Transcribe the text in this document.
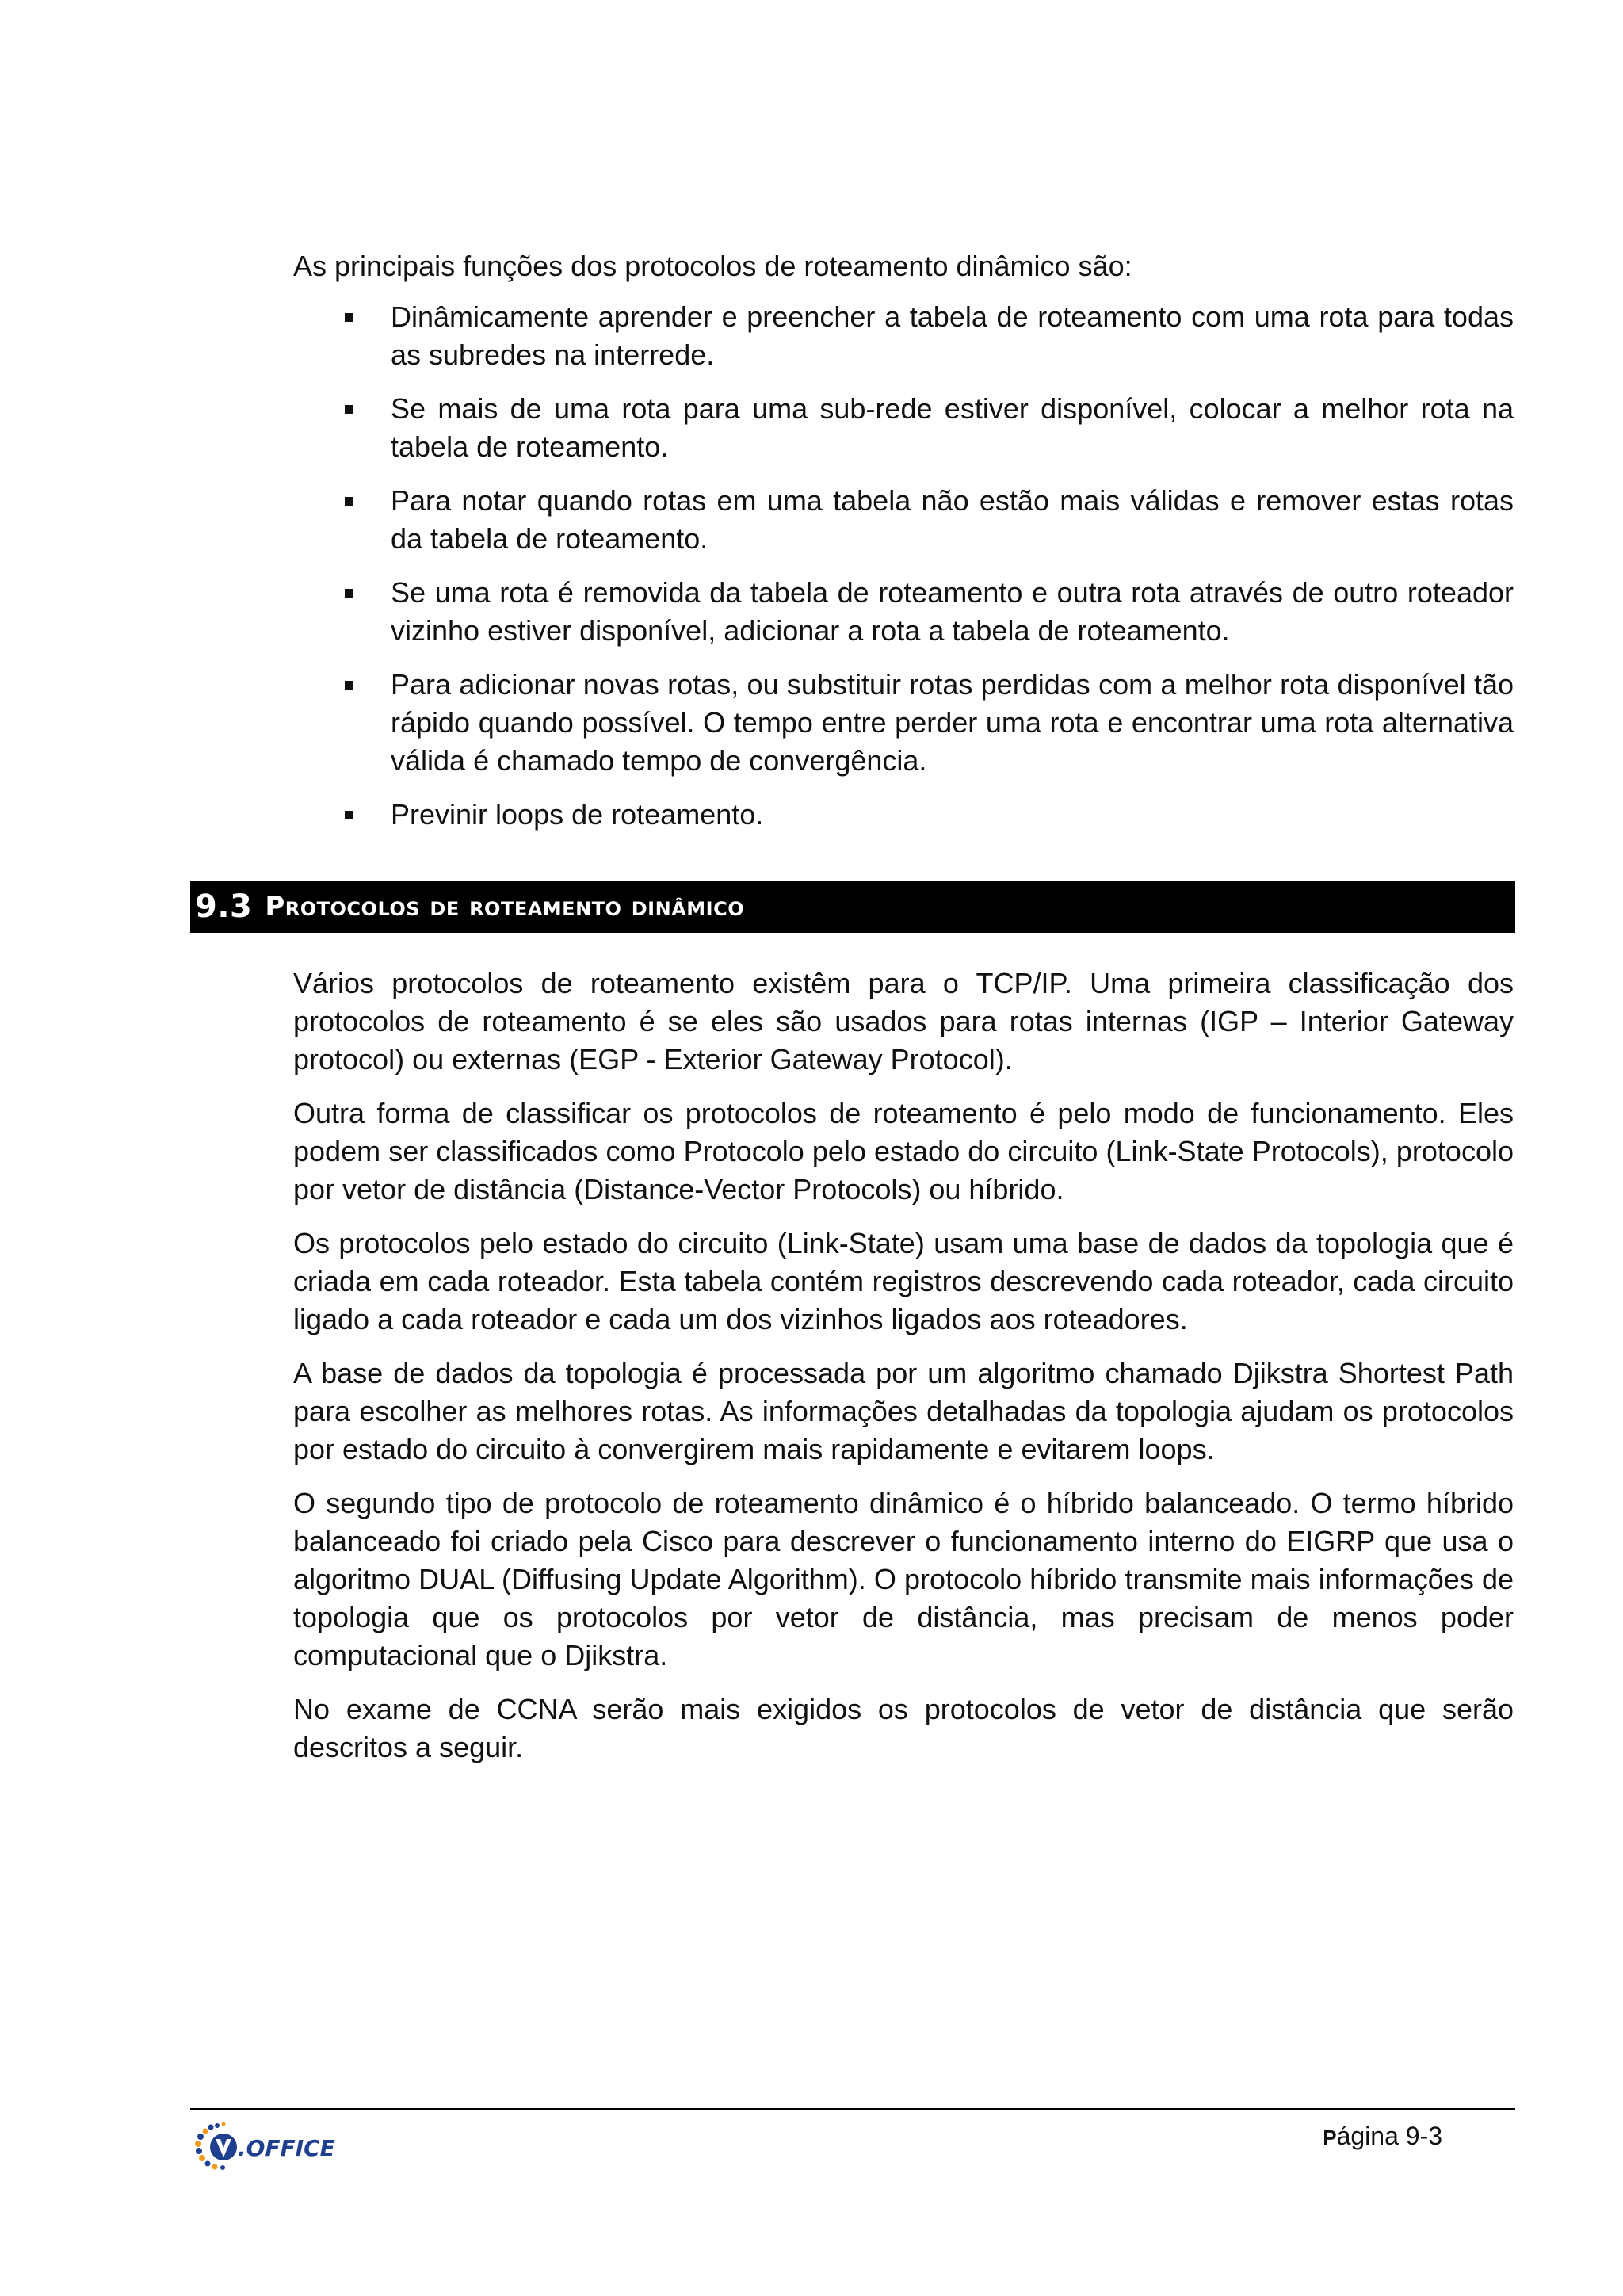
As principais funções dos protocolos de roteamento dinâmico são:

Dinâmicamente aprender e preencher a tabela de roteamento com uma rota para todas as subredes na interrede.
Se mais de uma rota para uma sub-rede estiver disponível, colocar a melhor rota na tabela de roteamento.
Para notar quando rotas em uma tabela não estão mais válidas e remover estas rotas da tabela de roteamento.
Se uma rota é removida da tabela de roteamento e outra rota através de outro roteador vizinho estiver disponível, adicionar a rota a tabela de roteamento.
Para adicionar novas rotas, ou substituir rotas perdidas com a melhor rota disponível tão rápido quando possível. O tempo entre perder uma rota e encontrar uma rota alternativa válida é chamado tempo de convergência.
Previnir loops de roteamento.
9.3 Protocolos de roteamento dinâmico

Vários protocolos de roteamento existêm para o TCP/IP. Uma primeira classificação dos protocolos de roteamento é se eles são usados para rotas internas (IGP – Interior Gateway protocol) ou externas (EGP - Exterior Gateway Protocol).

Outra forma de classificar os protocolos de roteamento é pelo modo de funcionamento. Eles podem ser classificados como Protocolo pelo estado do circuito (Link-State Protocols), protocolo por vetor de distância (Distance-Vector Protocols) ou híbrido.

Os protocolos pelo estado do circuito (Link-State) usam uma base de dados da topologia que é criada em cada roteador. Esta tabela contém registros descrevendo cada roteador, cada circuito ligado a cada roteador e cada um dos vizinhos ligados aos roteadores.

A base de dados da topologia é processada por um algoritmo chamado Djikstra Shortest Path para escolher as melhores rotas. As informações detalhadas da topologia ajudam os protocolos por estado do circuito à convergirem mais rapidamente e evitarem loops.

O segundo tipo de protocolo de roteamento dinâmico é o híbrido balanceado. O termo híbrido balanceado foi criado pela Cisco para descrever o funcionamento interno do EIGRP que usa o algoritmo DUAL (Diffusing Update Algorithm). O protocolo híbrido transmite mais informações de topologia que os protocolos por vetor de distância, mas precisam de menos poder computacional que o Djikstra.

No exame de CCNA serão mais exigidos os protocolos de vetor de distância que serão descritos a seguir.

.OFFICE	Página 9-3
